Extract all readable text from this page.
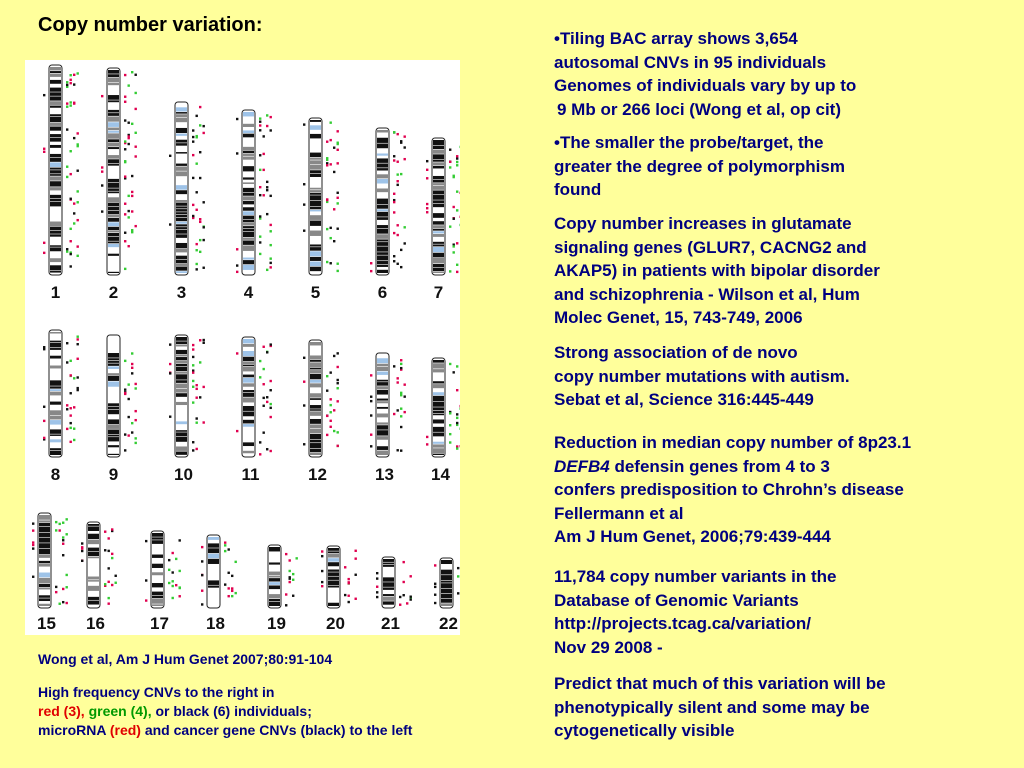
Copy number variation:
1	2	3	4	5	6	7
8	9	10	11	12	13 14
15 16	17 18 19 20 21 22
Wong et al, Am J Hum Genet 2007;80:91-104
High frequency CNVs to the right in
red (3), green (4), or black (6) individuals;
microRNA (red) and cancer gene CNVs (black) to the left
•Tiling BAC array shows 3,654
autosomal CNVs in 95 individuals
Genomes of individuals vary by up to
9 Mb or 266 loci (Wong et al, op cit)
•The smaller the probe/target, the
greater the degree of polymorphism
found
Copy number increases in glutamate
signaling genes (GLUR7, CACNG2 and
AKAP5) in patients with bipolar disorder
and schizophrenia - Wilson et al, Hum
Molec Genet, 15, 743-749, 2006
Strong association of de novo
copy number mutations with autism.
Sebat et al, Science 316:445-449
Reduction in median copy number of 8p23.1
DEFB4 defensin genes from 4 to 3
confers predisposition to Chrohn’s disease
Fellermann et al
Am J Hum Genet, 2006;79:439-444
11,784 copy number variants in the
Database of Genomic Variants
http://projects.tcag.ca/variation/
Nov 29 2008 -
Predict that much of this variation will be
phenotypically silent and some may be
cytogenetically visible
